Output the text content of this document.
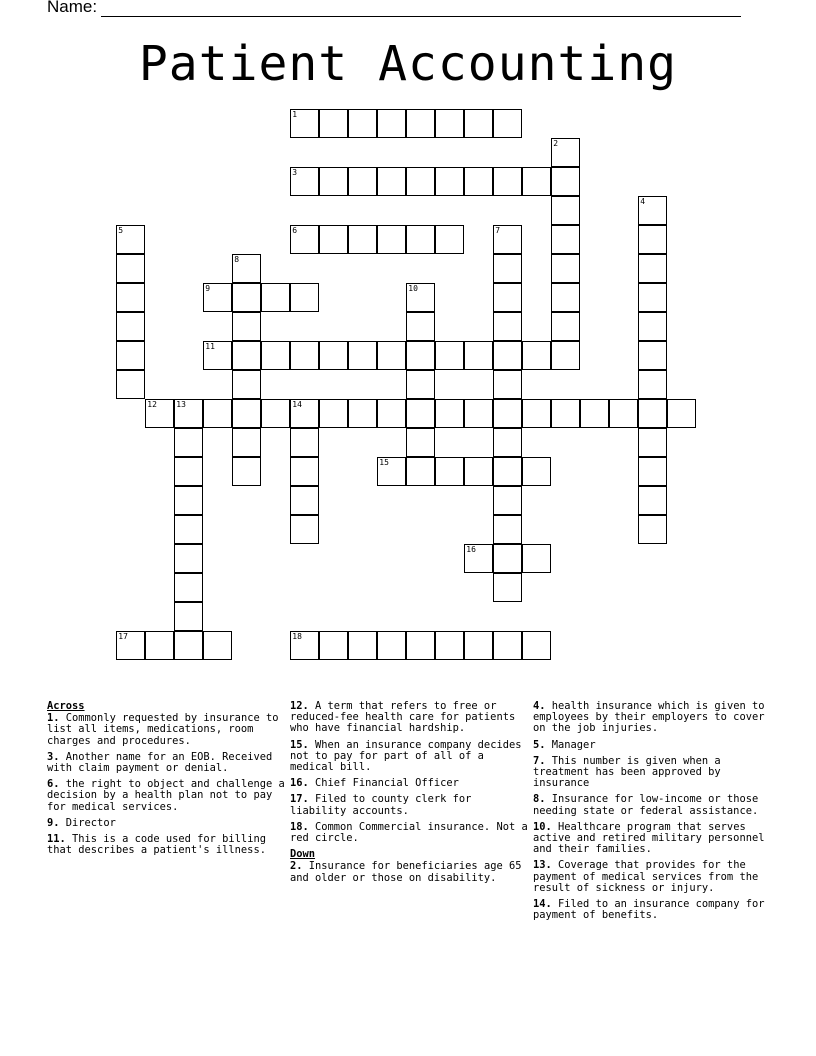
Name:
Patient Accounting
1
3
6
9
11
12 13	14
15
16
17	18
2
4
5	7
8
10
Across
1. Commonly requested by insurance to list all items, medications, room charges and procedures.
3. Another name for an EOB. Received with claim payment or denial.
6. the right to object and challenge a decision by a health plan not to pay for medical services.
9. Director
11. This is a code used for billing that describes a patient's illness.
12. A term that refers to free or reduced-fee health care for patients who have financial hardship.
15. When an insurance company decides not to pay for part of all of a medical bill.
16. Chief Financial Officer
17. Filed to county clerk for liability accounts.
18. Common Commercial insurance. Not a red circle.
Down
2. Insurance for beneficiaries age 65 and older or those on disability.
4. health insurance which is given to employees by their employers to cover on the job injuries.
5. Manager
7. This number is given when a treatment has been approved by insurance
8. Insurance for low-income or those needing state or federal assistance.
10. Healthcare program that serves active and retired military personnel and their families.
13. Coverage that provides for the payment of medical services from the result of sickness or injury.
14. Filed to an insurance company for payment of benefits.
